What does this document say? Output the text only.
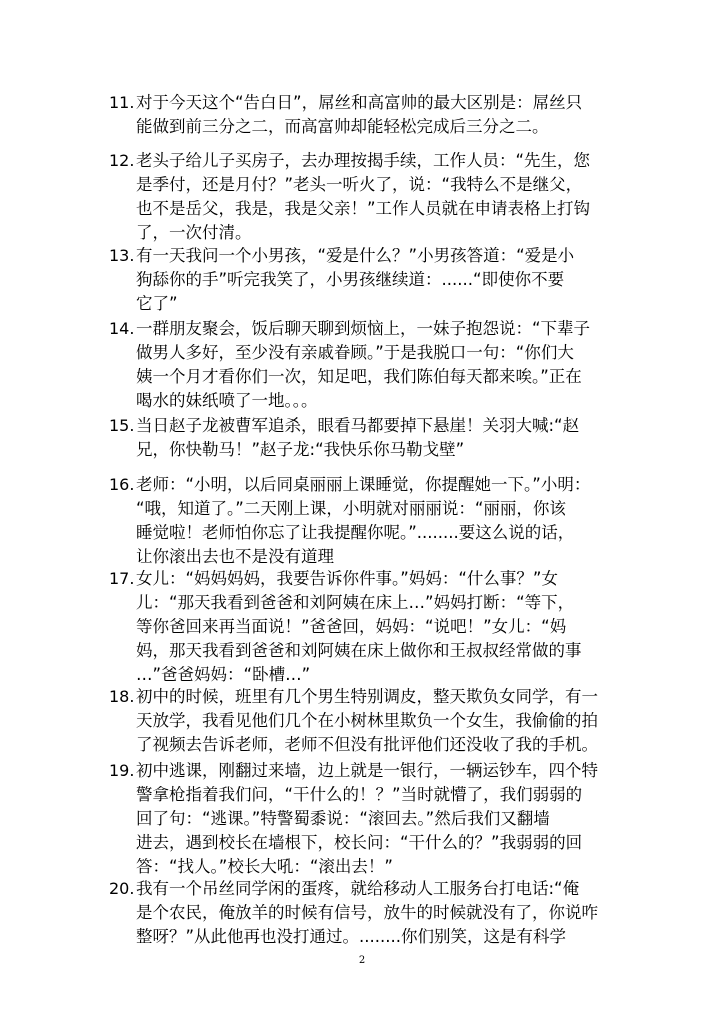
11. 对于今天这个“告白日”，屌丝和高富帅的最大区别是：屌丝只
能做到前三分之二，而高富帅却能轻松完成后三分之二。
12. 老头子给儿子买房子，去办理按揭手续，工作人员：“先生，您
是季付，还是月付？”老头一听火了，说：“我特么不是继父，
也不是岳父，我是，我是父亲！”工作人员就在申请表格上打钩
了，一次付清。
13. 有一天我问一个小男孩，“爱是什么？”小男孩答道：“爱是小
狗舔你的手”听完我笑了，小男孩继续道：......“即使你不要
它了”
14. 一群朋友聚会，饭后聊天聊到烦恼上，一妹子抱怨说：“下辈子
做男人多好，至少没有亲戚眷顾。”于是我脱口一句：“你们大
姨一个月才看你们一次，知足吧，我们陈伯每天都来唉。”正在
喝水的妹纸喷了一地。。。
15. 当日赵子龙被曹军追杀，眼看马都要掉下悬崖！关羽大喊:“赵
兄，你快勒马！”赵子龙:“我快乐你马勒戈壁”
16. 老师：“小明，以后同桌丽丽上课睡觉，你提醒她一下。”小明：
“哦，知道了。”二天刚上课，小明就对丽丽说：“丽丽，你该
睡觉啦！老师怕你忘了让我提醒你呢。”........要这么说的话，
让你滚出去也不是没有道理
17. 女儿：“妈妈妈妈，我要告诉你件事。”妈妈：“什么事？”女
儿：“那天我看到爸爸和刘阿姨在床上…”妈妈打断：“等下，
等你爸回来再当面说！”爸爸回，妈妈：“说吧！”女儿：“妈
妈，那天我看到爸爸和刘阿姨在床上做你和王叔叔经常做的事
…”爸爸妈妈：“卧槽…”
18. 初中的时候，班里有几个男生特别调皮，整天欺负女同学，有一
天放学，我看见他们几个在小树林里欺负一个女生，我偷偷的拍
了视频去告诉老师，老师不但没有批评他们还没收了我的手机。
19. 初中逃课，刚翻过来墙，边上就是一银行，一辆运钞车，四个特
警拿枪指着我们问，“干什么的！？”当时就懵了，我们弱弱的
回了句：“逃课。”特警蜀黍说：“滚回去。”然后我们又翻墙
进去，遇到校长在墙根下，校长问：“干什么的？”我弱弱的回
答：“找人。”校长大吼：“滚出去！”
20. 我有一个吊丝同学闲的蛋疼，就给移动人工服务台打电话:“俺
是个农民，俺放羊的时候有信号，放牛的时候就没有了，你说咋
整呀？”从此他再也没打通过。........你们别笑，这是有科学
2
